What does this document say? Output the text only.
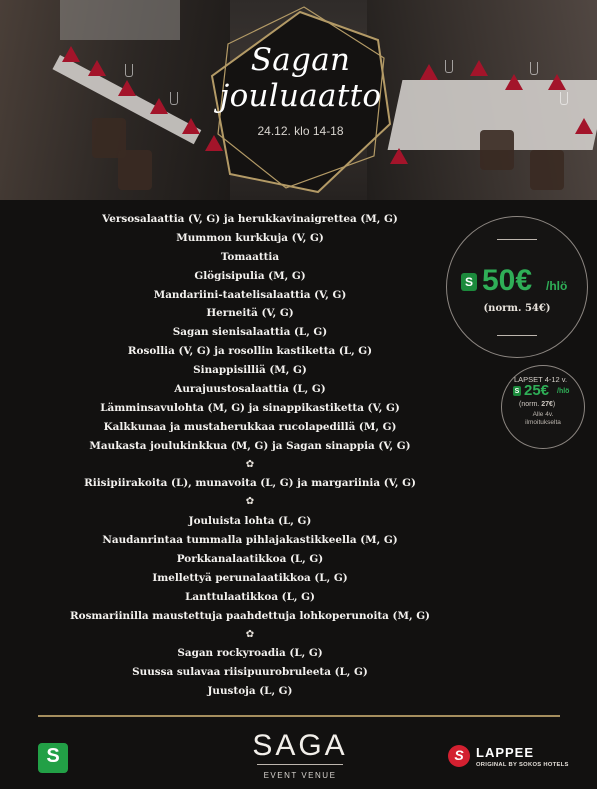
Sagan
jouluaatto
24.12. klo 14-18
Versosalaattia (V, G) ja herukkavinaigrettea (M, G)
Mummon kurkkuja (V, G)
Tomaattia
Glögisipulia (M, G)
Mandariini-taatelisalaattia (V, G)
Herneitä (V, G)
Sagan sienisalaattia (L, G)
Rosollia (V, G) ja rosollin kastiketta (L, G)
Sinappisilliä (M, G)
Aurajuustosalaattia (L, G)
Lämminsavulohta (M, G) ja sinappikastiketta (V, G)
Kalkkunaa ja mustaherukkaa rucolapedillä (M, G)
Maukasta joulukinkkua (M, G) ja Sagan sinappia (V, G)
✿
Riisipiirakoita (L), munavoita (L, G) ja margariinia (V, G)
✿
Jouluista lohta (L, G)
Naudanrintaa tummalla pihlajakastikkeella (M, G)
Porkkanalaatikkoa (L, G)
Imellettyä perunalaatikkoa (L, G)
Lanttulaatikkoa (L, G)
Rosmariinilla maustettuja paahdettuja lohkoperunoita (M, G)
✿
Sagan rockyroadia (L, G)
Suussa sulavaa riisipuurobruleeta (L, G)
Juustoja (L, G)
S 50€ /hlö
(norm. 54€)
LAPSET 4-12 v.
S 25€ /hlö
(norm. 27€)
Alle 4v.
ilmoitukselta
S	SAGA
EVENT VENUE
S LAPPEE
ORIGINAL BY SOKOS HOTELS
